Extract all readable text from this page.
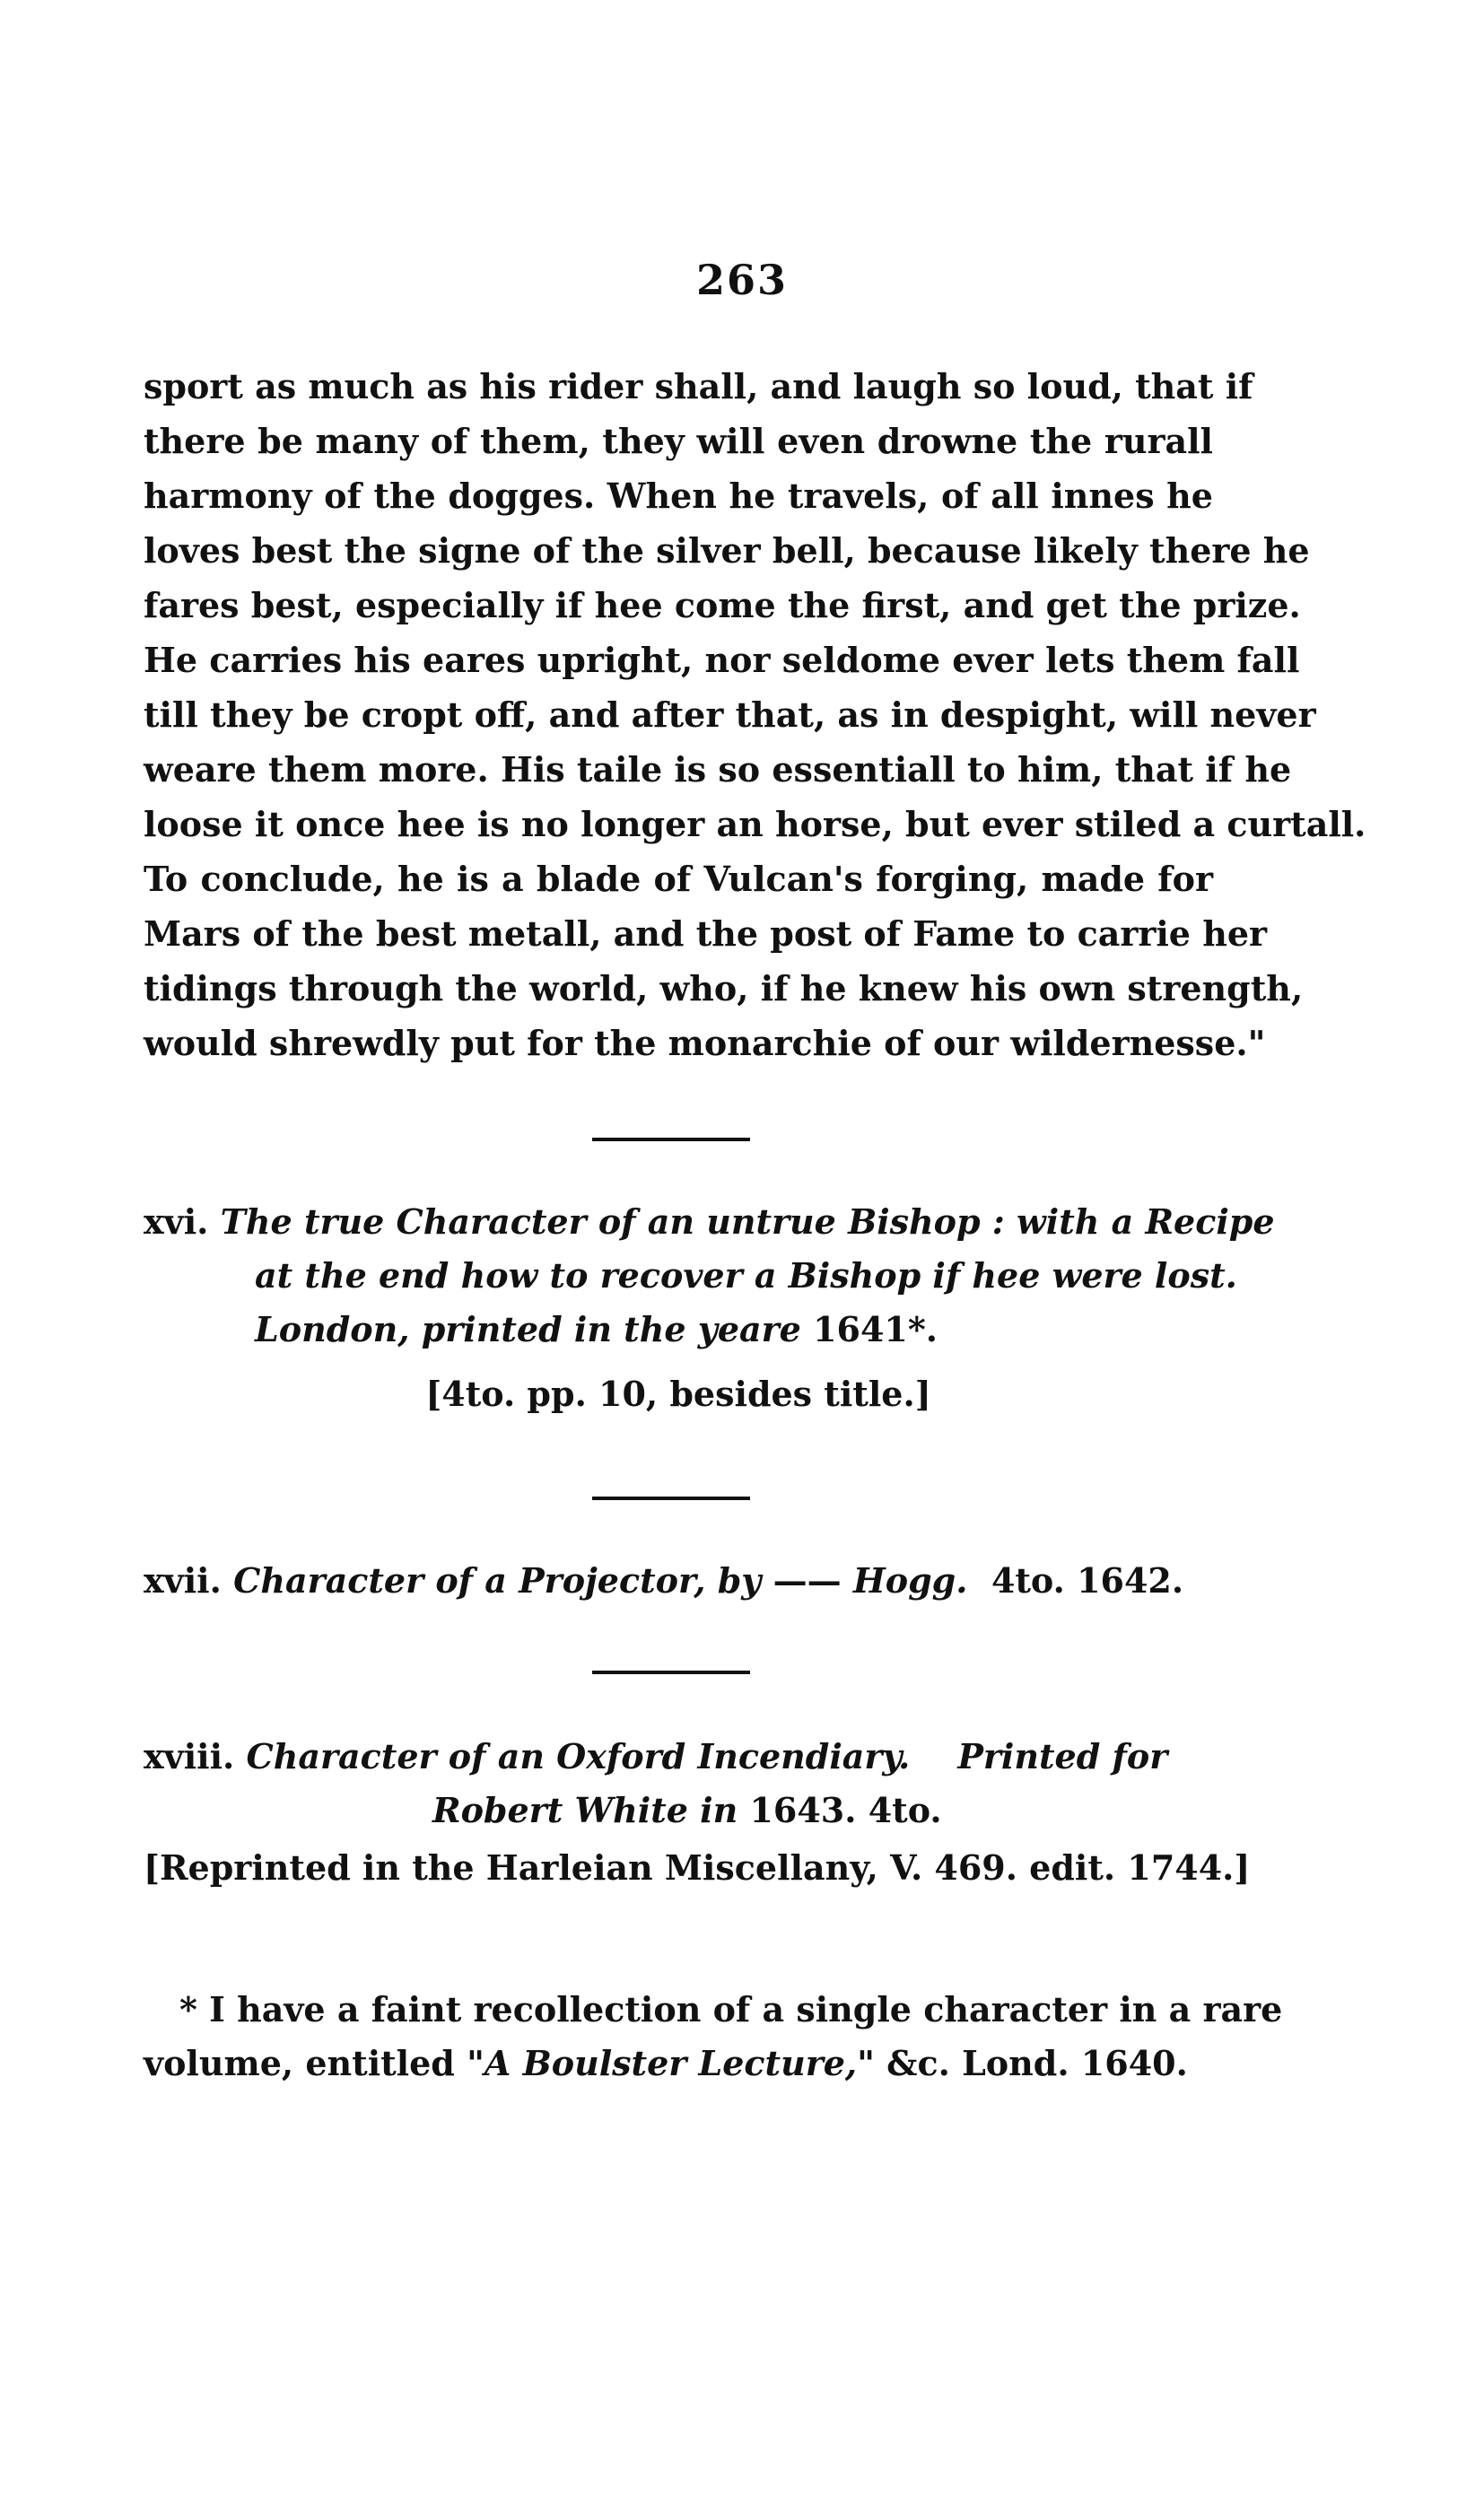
263

sport as much as his rider shall, and laugh so loud, that if
there be many of them, they will even drowne the rurall
harmony of the dogges. When he travels, of all innes he
loves best the signe of the silver bell, because likely there he
fares best, especially if hee come the first, and get the prize.
He carries his eares upright, nor seldome ever lets them fall
till they be cropt off, and after that, as in despight, will never
weare them more. His taile is so essentiall to him, that if he
loose it once hee is no longer an horse, but ever stiled a curtall.
To conclude, he is a blade of Vulcan's forging, made for
Mars of the best metall, and the post of Fame to carrie her
tidings through the world, who, if he knew his own strength,
would shrewdly put for the monarchie of our wildernesse."

xvi. The true Character of an untrue Bishop : with a Recipe
at the end how to recover a Bishop if hee were lost.
London, printed in the yeare 1641*.
[4to. pp. 10, besides title.]
xvii. Character of a Projector, by —— Hogg. 4to. 1642.
xviii. Character of an Oxford Incendiary. Printed for
Robert White in 1643. 4to.
[Reprinted in the Harleian Miscellany, V. 469. edit. 1744.]
* I have a faint recollection of a single character in a rare
volume, entitled "A Boulster Lecture," &c. Lond. 1640.
